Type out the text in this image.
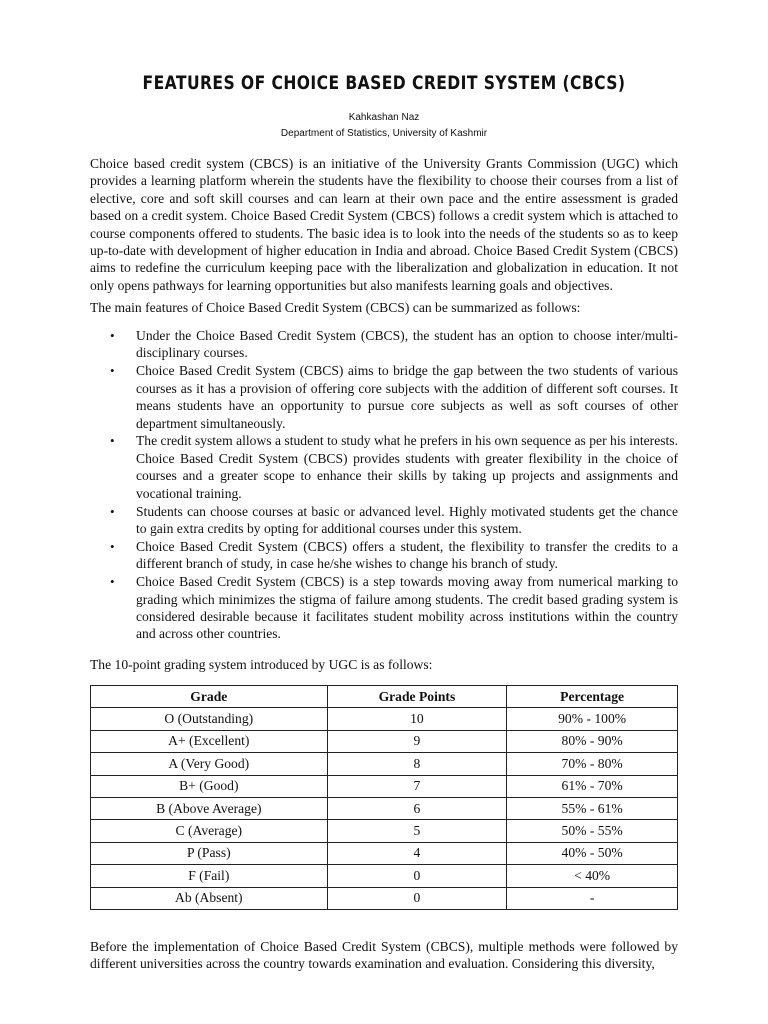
FEATURES OF CHOICE BASED CREDIT SYSTEM (CBCS)
Kahkashan Naz
Department of Statistics, University of Kashmir

Choice based credit system (CBCS) is an initiative of the University Grants Commission (UGC) which provides a learning platform wherein the students have the flexibility to choose their courses from a list of elective, core and soft skill courses and can learn at their own pace and the entire assessment is graded based on a credit system. Choice Based Credit System (CBCS) follows a credit system which is attached to course components offered to students. The basic idea is to look into the needs of the students so as to keep up-to-date with development of higher education in India and abroad. Choice Based Credit System (CBCS) aims to redefine the curriculum keeping pace with the liberalization and globalization in education. It not only opens pathways for learning opportunities but also manifests learning goals and objectives.

The main features of Choice Based Credit System (CBCS) can be summarized as follows:

• Under the Choice Based Credit System (CBCS), the student has an option to choose inter/multi-disciplinary courses.
• Choice Based Credit System (CBCS) aims to bridge the gap between the two students of various courses as it has a provision of offering core subjects with the addition of different soft courses. It means students have an opportunity to pursue core subjects as well as soft courses of other department simultaneously.
• The credit system allows a student to study what he prefers in his own sequence as per his interests. Choice Based Credit System (CBCS) provides students with greater flexibility in the choice of courses and a greater scope to enhance their skills by taking up projects and assignments and vocational training.
• Students can choose courses at basic or advanced level. Highly motivated students get the chance to gain extra credits by opting for additional courses under this system.
• Choice Based Credit System (CBCS) offers a student, the flexibility to transfer the credits to a different branch of study, in case he/she wishes to change his branch of study.
• Choice Based Credit System (CBCS) is a step towards moving away from numerical marking to grading which minimizes the stigma of failure among students. The credit based grading system is considered desirable because it facilitates student mobility across institutions within the country and across other countries.

The 10-point grading system introduced by UGC is as follows:

Grade	Grade Points	Percentage
O (Outstanding)	10	90% - 100%
A+ (Excellent)	9	80% - 90%
A (Very Good)	8	70% - 80%
B+ (Good)	7	61% - 70%
B (Above Average)	6	55% - 61%
C (Average)	5	50% - 55%
P (Pass)	4	40% - 50%
F (Fail)	0	< 40%
Ab (Absent)	0	-

Before the implementation of Choice Based Credit System (CBCS), multiple methods were followed by different universities across the country towards examination and evaluation. Considering this diversity,
